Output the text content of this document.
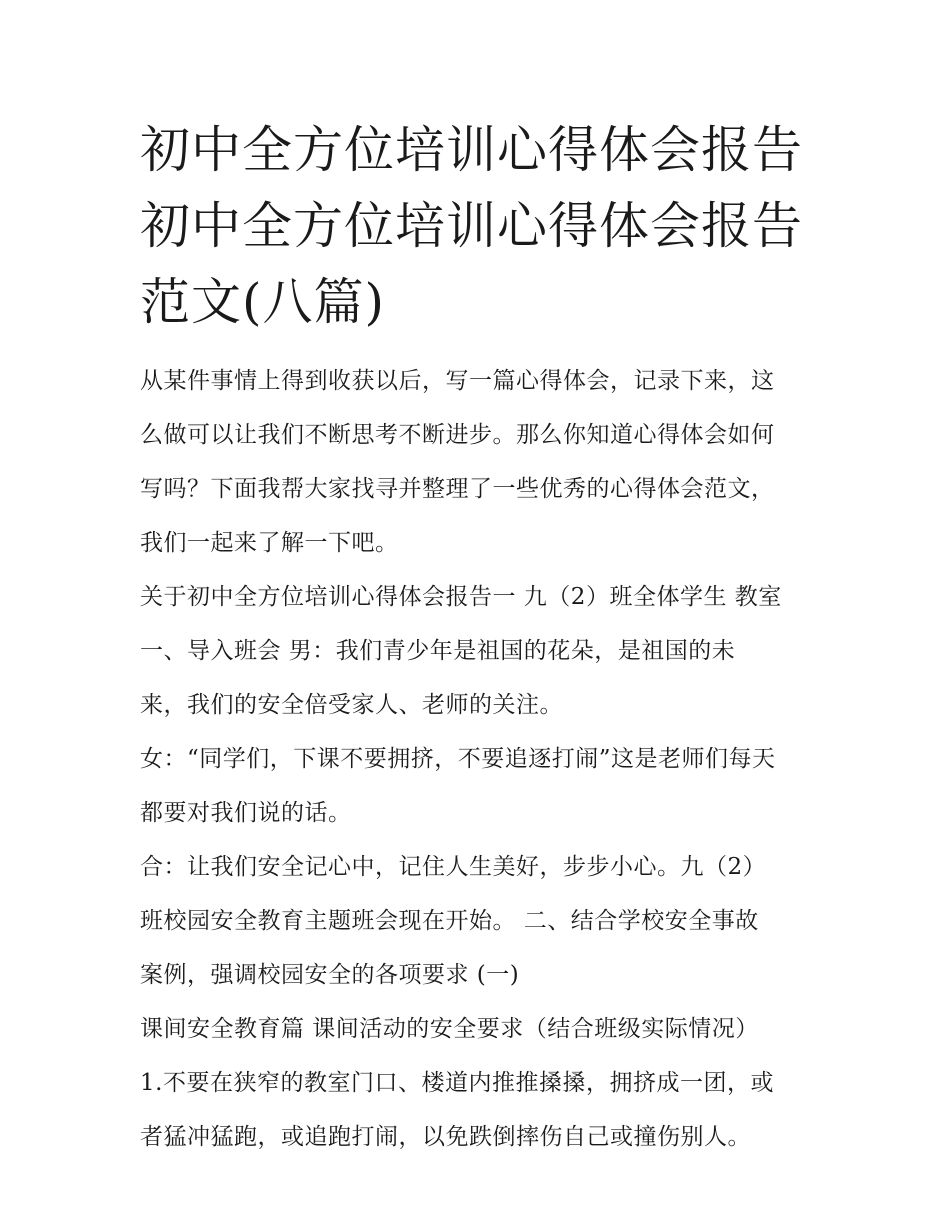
初中全方位培训心得体会报告
初中全方位培训心得体会报告
范文(八篇)
从某件事情上得到收获以后，写一篇心得体会，记录下来，这
么做可以让我们不断思考不断进步。那么你知道心得体会如何
写吗？下面我帮大家找寻并整理了一些优秀的心得体会范文，
我们一起来了解一下吧。
关于初中全方位培训心得体会报告一 九（2）班全体学生 教室
一、导入班会 男：我们青少年是祖国的花朵，是祖国的未
来，我们的安全倍受家人、老师的关注。
女：“同学们，下课不要拥挤，不要追逐打闹”这是老师们每天
都要对我们说的话。
合：让我们安全记心中，记住人生美好，步步小心。九（2）
班校园安全教育主题班会现在开始。 二、结合学校安全事故
案例，强调校园安全的各项要求 (一)
课间安全教育篇 课间活动的安全要求（结合班级实际情况）
1.不要在狭窄的教室门口、楼道内推推搡搡，拥挤成一团，或
者猛冲猛跑，或追跑打闹，以免跌倒摔伤自己或撞伤别人。
